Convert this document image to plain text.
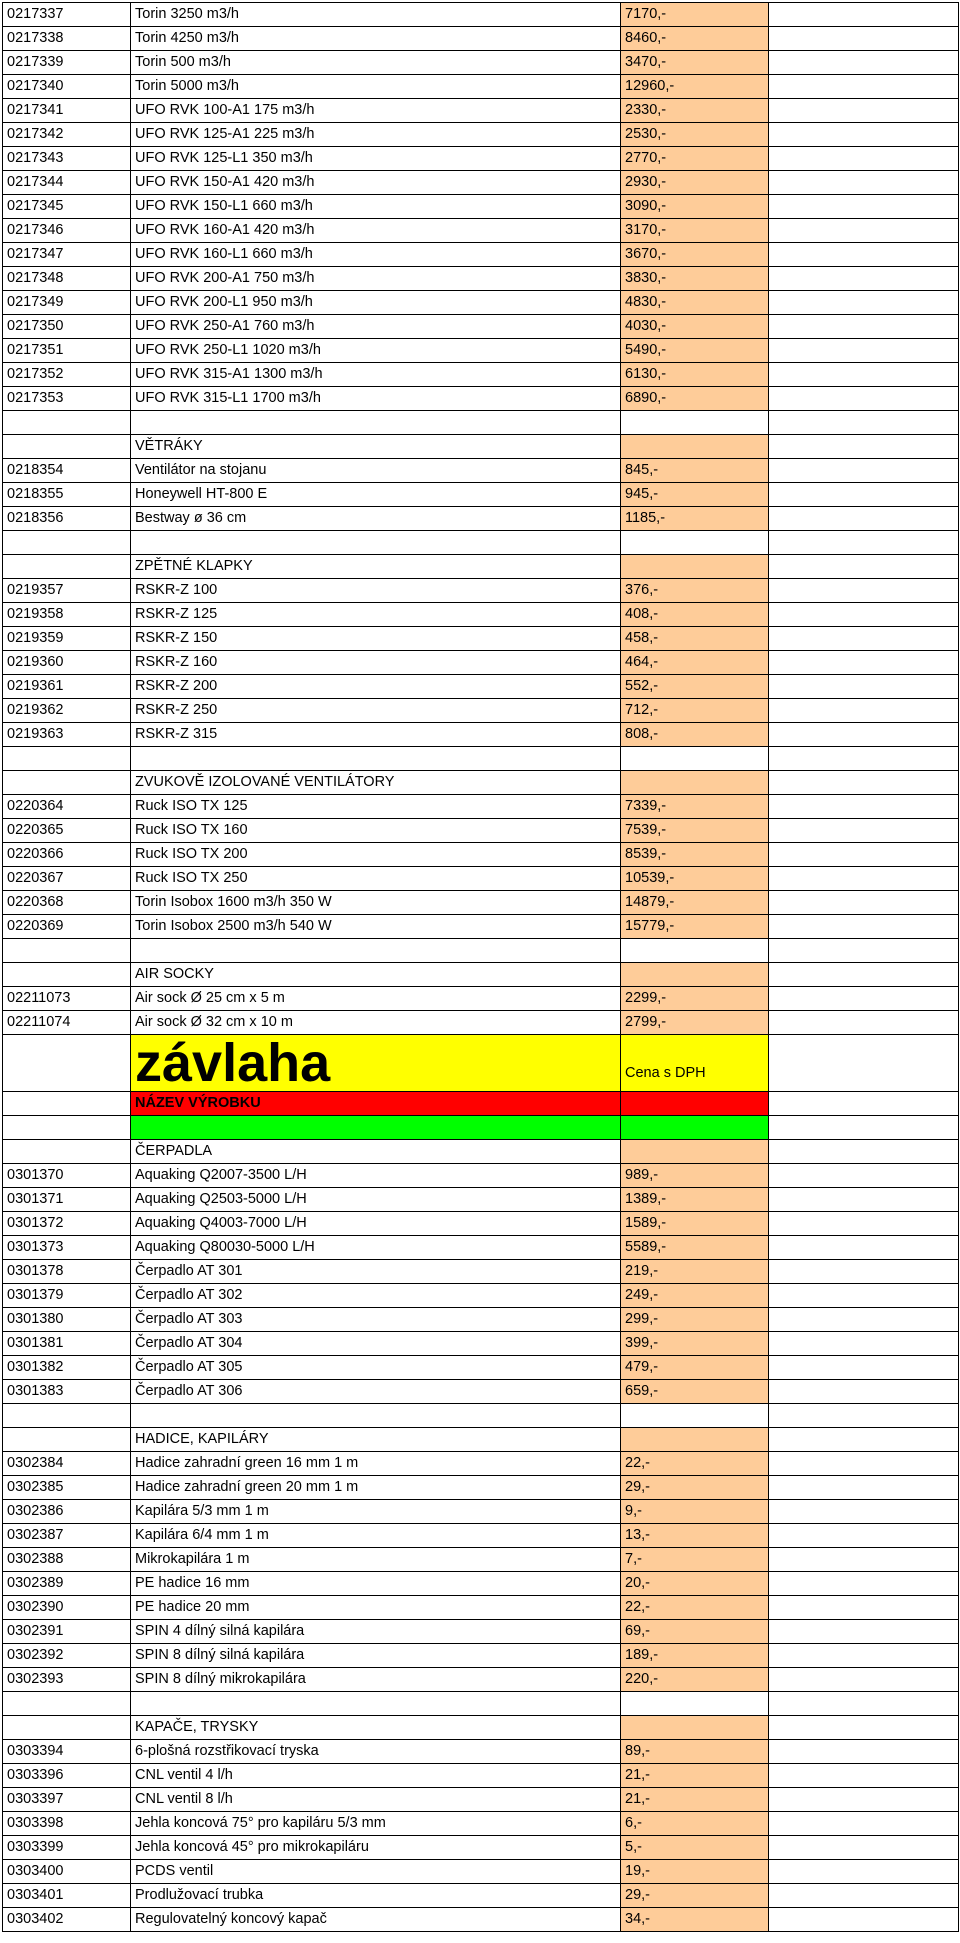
0217337	Torin 3250 m3/h	7170,-	
0217338	Torin 4250 m3/h	8460,-	
0217339	Torin 500 m3/h	3470,-	
0217340	Torin 5000 m3/h	12960,-	
0217341	UFO RVK 100-A1 175 m3/h	2330,-	
0217342	UFO RVK 125-A1 225 m3/h	2530,-	
0217343	UFO RVK 125-L1 350 m3/h	2770,-	
0217344	UFO RVK 150-A1 420 m3/h	2930,-	
0217345	UFO RVK 150-L1 660 m3/h	3090,-	
0217346	UFO RVK 160-A1 420 m3/h	3170,-	
0217347	UFO RVK 160-L1 660 m3/h	3670,-	
0217348	UFO RVK 200-A1 750 m3/h	3830,-	
0217349	UFO RVK 200-L1 950 m3/h	4830,-	
0217350	UFO RVK 250-A1 760 m3/h	4030,-	
0217351	UFO RVK 250-L1 1020 m3/h	5490,-	
0217352	UFO RVK 315-A1 1300 m3/h	6130,-	
0217353	UFO RVK 315-L1 1700 m3/h	6890,-	

	VĚTRÁKY		
0218354	Ventilátor na stojanu	845,-	
0218355	Honeywell HT-800 E	945,-	
0218356	Bestway ø 36 cm	1185,-	

	ZPĚTNÉ KLAPKY		
0219357	RSKR-Z 100	376,-	
0219358	RSKR-Z 125	408,-	
0219359	RSKR-Z 150	458,-	
0219360	RSKR-Z 160	464,-	
0219361	RSKR-Z 200	552,-	
0219362	RSKR-Z 250	712,-	
0219363	RSKR-Z 315	808,-	

	ZVUKOVĚ IZOLOVANÉ VENTILÁTORY		
0220364	Ruck ISO TX 125	7339,-	
0220365	Ruck ISO TX 160	7539,-	
0220366	Ruck ISO TX 200	8539,-	
0220367	Ruck ISO TX 250	10539,-	
0220368	Torin Isobox 1600 m3/h 350 W	14879,-	
0220369	Torin Isobox 2500 m3/h 540 W	15779,-	

	AIR SOCKY		
02211073	Air sock Ø 25 cm x 5 m	2299,-	
02211074	Air sock Ø 32 cm x 10 m	2799,-	
	závlaha	Cena s DPH	
	NÁZEV VÝROBKU		

	ČERPADLA		
0301370	Aquaking Q2007-3500 L/H	989,-	
0301371	Aquaking Q2503-5000 L/H	1389,-	
0301372	Aquaking Q4003-7000 L/H	1589,-	
0301373	Aquaking Q80030-5000 L/H	5589,-	
0301378	Čerpadlo AT 301	219,-	
0301379	Čerpadlo AT 302	249,-	
0301380	Čerpadlo AT 303	299,-	
0301381	Čerpadlo AT 304	399,-	
0301382	Čerpadlo AT 305	479,-	
0301383	Čerpadlo AT 306	659,-	

	HADICE, KAPILÁRY		
0302384	Hadice zahradní green 16 mm 1 m	22,-	
0302385	Hadice zahradní green 20 mm 1 m	29,-	
0302386	Kapilára 5/3 mm 1 m	9,-	
0302387	Kapilára 6/4 mm 1 m	13,-	
0302388	Mikrokapilára 1 m	7,-	
0302389	PE hadice 16 mm	20,-	
0302390	PE hadice 20 mm	22,-	
0302391	SPIN 4 dílný silná kapilára	69,-	
0302392	SPIN 8 dílný silná kapilára	189,-	
0302393	SPIN 8 dílný mikrokapilára	220,-	

	KAPAČE, TRYSKY		
0303394	6-plošná rozstřikovací tryska	89,-	
0303396	CNL ventil 4 l/h	21,-	
0303397	CNL ventil 8 l/h	21,-	
0303398	Jehla koncová 75° pro kapiláru 5/3 mm	6,-	
0303399	Jehla koncová 45° pro mikrokapiláru	5,-	
0303400	PCDS ventil	19,-	
0303401	Prodlužovací trubka	29,-	
0303402	Regulovatelný koncový kapač	34,-	
